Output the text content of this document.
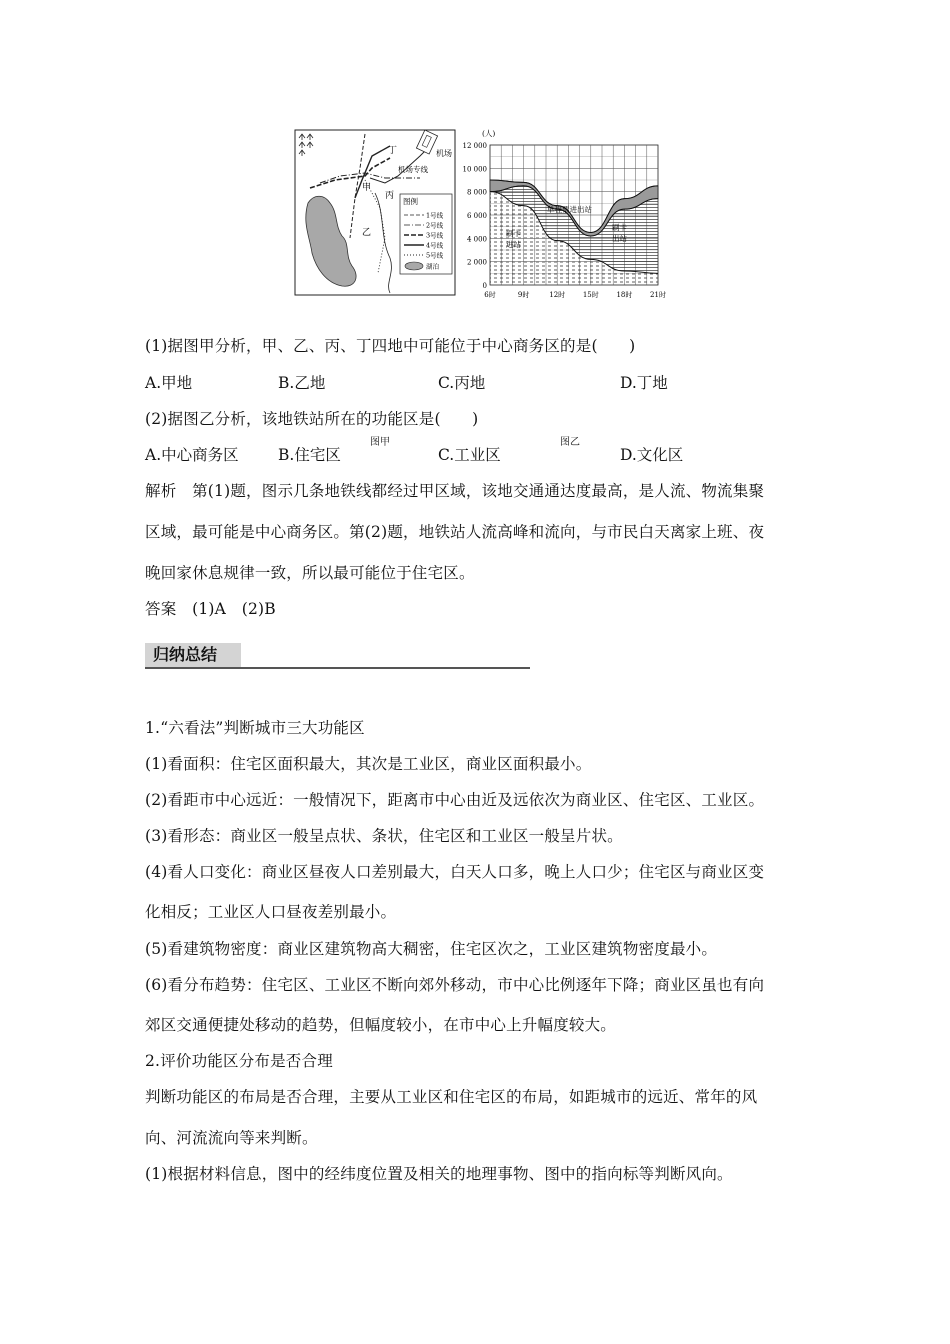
机场
机场专线
甲
丙
乙
丁
图例
1号线
2号线
3号线
4号线
5号线
湖泊
(人)
12 000
10 000
8 000
6 000
4 000
2 000
0
6时	9时	12时	15时	18时	21时
单程票进出站
刷卡
进站
刷卡
出站
图甲	图乙
(1)据图甲分析，甲、乙、丙、丁四地中可能位于中心商务区的是(　　)
A.甲地	B.乙地	C.丙地	D.丁地
(2)据图乙分析，该地铁站所在的功能区是(　　)
A.中心商务区	B.住宅区	C.工业区	D.文化区
解析　第(1)题，图示几条地铁线都经过甲区域，该地交通通达度最高，是人流、物流集聚
区域，最可能是中心商务区。第(2)题，地铁站人流高峰和流向，与市民白天离家上班、夜
晚回家休息规律一致，所以最可能位于住宅区。
答案　(1)A　(2)B
归纳总结
1.“六看法”判断城市三大功能区
(1)看面积：住宅区面积最大，其次是工业区，商业区面积最小。
(2)看距市中心远近：一般情况下，距离市中心由近及远依次为商业区、住宅区、工业区。
(3)看形态：商业区一般呈点状、条状，住宅区和工业区一般呈片状。
(4)看人口变化：商业区昼夜人口差别最大，白天人口多，晚上人口少；住宅区与商业区变
化相反；工业区人口昼夜差别最小。
(5)看建筑物密度：商业区建筑物高大稠密，住宅区次之，工业区建筑物密度最小。
(6)看分布趋势：住宅区、工业区不断向郊外移动，市中心比例逐年下降；商业区虽也有向
郊区交通便捷处移动的趋势，但幅度较小，在市中心上升幅度较大。
2.评价功能区分布是否合理
判断功能区的布局是否合理，主要从工业区和住宅区的布局，如距城市的远近、常年的风
向、河流流向等来判断。
(1)根据材料信息，图中的经纬度位置及相关的地理事物、图中的指向标等判断风向。
